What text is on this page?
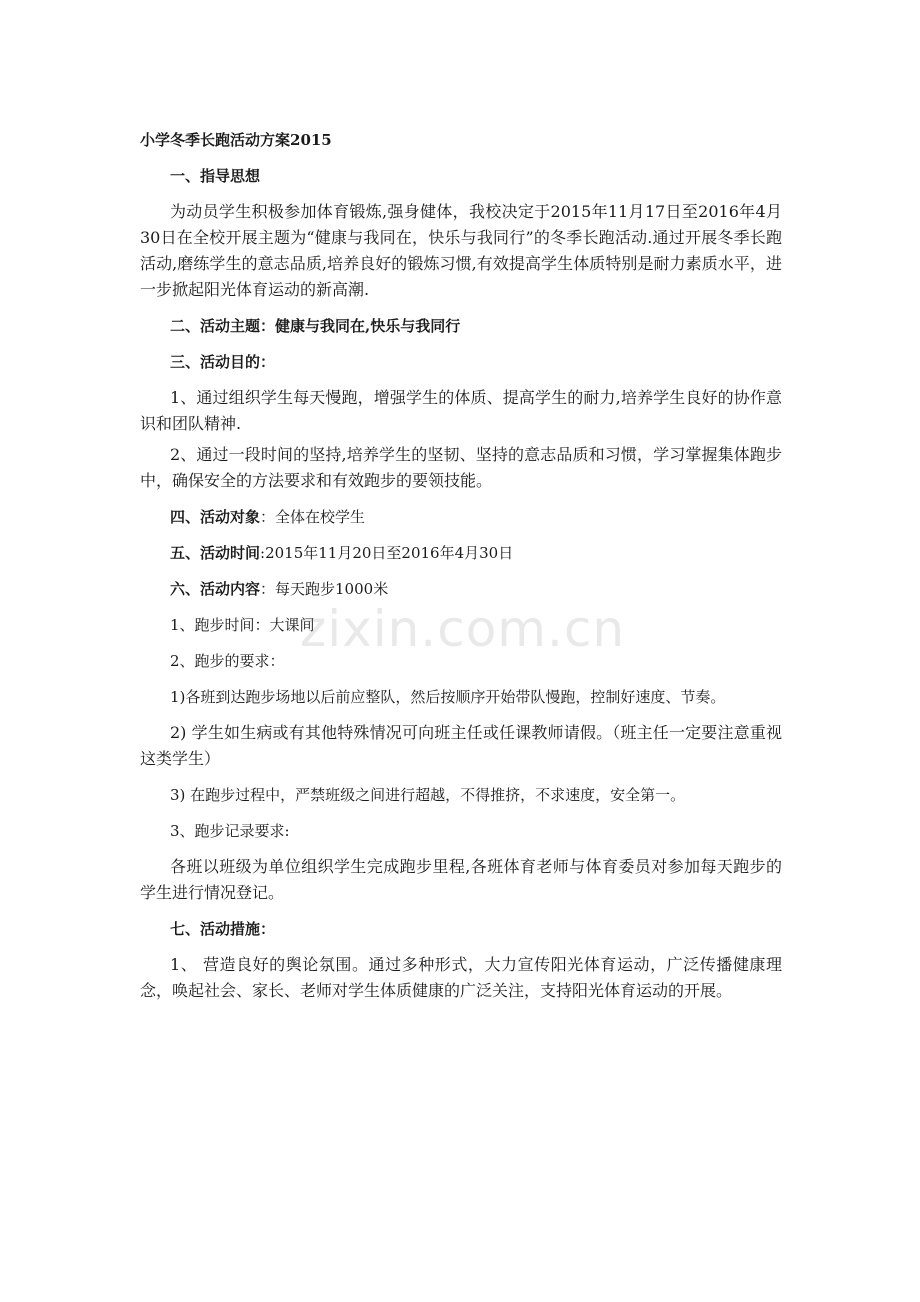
小学冬季长跑活动方案2015

一、指导思想

为动员学生积极参加体育锻炼,强身健体，我校决定于2015年11月17日至2016年4月30日在全校开展主题为“健康与我同在，快乐与我同行”的冬季长跑活动.通过开展冬季长跑活动,磨练学生的意志品质,培养良好的锻炼习惯,有效提高学生体质特别是耐力素质水平，进一步掀起阳光体育运动的新高潮.

二、活动主题：健康与我同在,快乐与我同行

三、活动目的：

1、通过组织学生每天慢跑，增强学生的体质、提高学生的耐力,培养学生良好的协作意识和团队精神.

2、通过一段时间的坚持,培养学生的坚韧、坚持的意志品质和习惯，学习掌握集体跑步中，确保安全的方法要求和有效跑步的要领技能。

四、活动对象：全体在校学生

五、活动时间:2015年11月20日至2016年4月30日

六、活动内容：每天跑步1000米

1、跑步时间：大课间

2、跑步的要求：

1)各班到达跑步场地以后前应整队，然后按顺序开始带队慢跑，控制好速度、节奏。

2) 学生如生病或有其他特殊情况可向班主任或任课教师请假。（班主任一定要注意重视这类学生）

3) 在跑步过程中，严禁班级之间进行超越，不得推挤，不求速度，安全第一。

3、跑步记录要求:

各班以班级为单位组织学生完成跑步里程,各班体育老师与体育委员对参加每天跑步的学生进行情况登记。

七、活动措施：

1、 营造良好的舆论氛围。通过多种形式，大力宣传阳光体育运动，广泛传播健康理念，唤起社会、家长、老师对学生体质健康的广泛关注，支持阳光体育运动的开展。

zixin.com.cn
